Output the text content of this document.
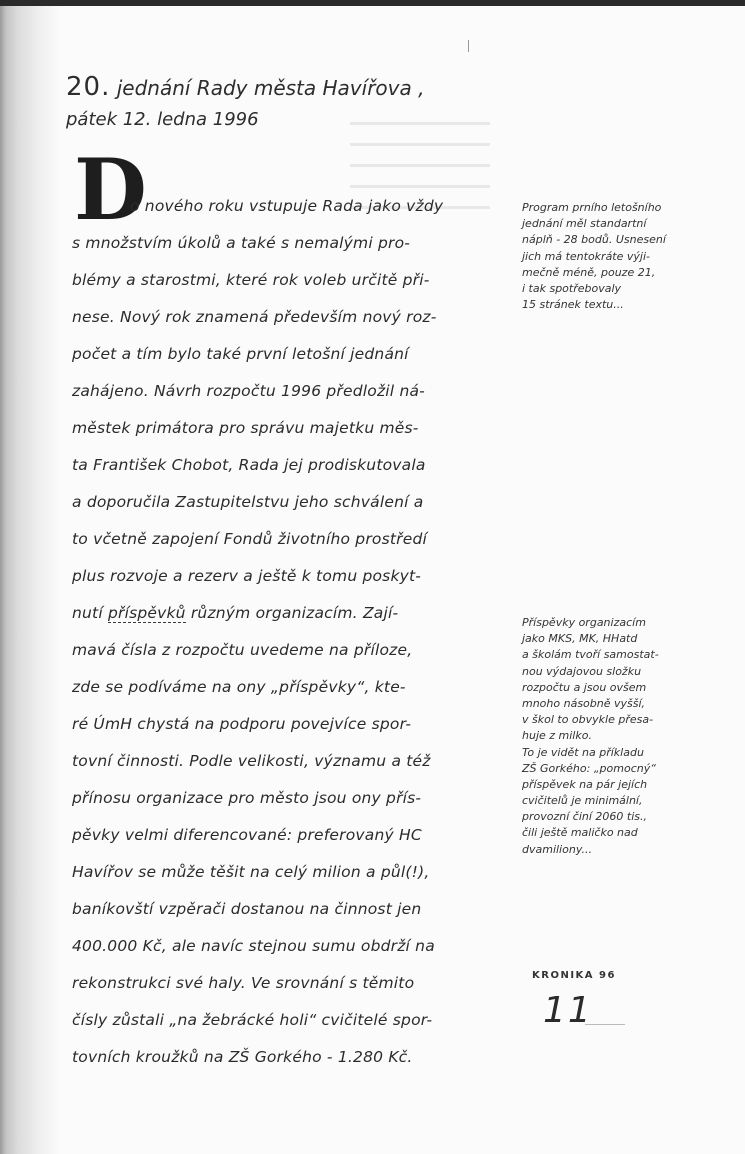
20. jednání Rady města Havířova ,
pátek 12. ledna 1996
D
o nového roku vstupuje Rada jako vždy
s množstvím úkolů a také s nemalými pro-
blémy a starostmi, které rok voleb určitě při-
nese. Nový rok znamená především nový roz-
počet a tím bylo také první letošní jednání
zahájeno. Návrh rozpočtu 1996 předložil ná-
městek primátora pro správu majetku měs-
ta František Chobot, Rada jej prodiskutovala
a doporučila Zastupitelstvu jeho schválení a
to včetně zapojení Fondů životního prostředí
plus rozvoje a rezerv a ještě k tomu poskyt-
nutí příspěvků různým organizacím. Zají-
mavá čísla z rozpočtu uvedeme na příloze,
zde se podíváme na ony „příspěvky“, kte-
ré ÚmH chystá na podporu povejvíce spor-
tovní činnosti. Podle velikosti, významu a též
přínosu organizace pro město jsou ony přís-
pěvky velmi diferencované: preferovaný HC
Havířov se může těšit na celý milion a půl(!),
baníkovští vzpěrači dostanou na činnost jen
400.000 Kč, ale navíc stejnou sumu obdrží na
rekonstrukci své haly. Ve srovnání s těmito
čísly zůstali „na žebrácké holi“ cvičitelé spor-
tovních kroužků na ZŠ Gorkého - 1.280 Kč.
Program prního letošního
jednání měl standartní
náplň - 28 bodů. Usnesení
jich má tentokráte výji-
mečně méně, pouze 21,
i tak spotřebovaly
15 stránek textu...
Příspěvky organizacím
jako MKS, MK, HHatd
a školám tvoří samostat-
nou výdajovou složku
rozpočtu a jsou ovšem
mnoho násobně vyšší,
v škol to obvykle přesa-
huje z milko.
To je vidět na příkladu
ZŠ Gorkého: „pomocný“
příspěvek na pár jejích
cvičitelů je minimální,
provozní činí 2060 tis.,
čili ještě maličko nad
dvamiliony...
KRONIKA 96
11
